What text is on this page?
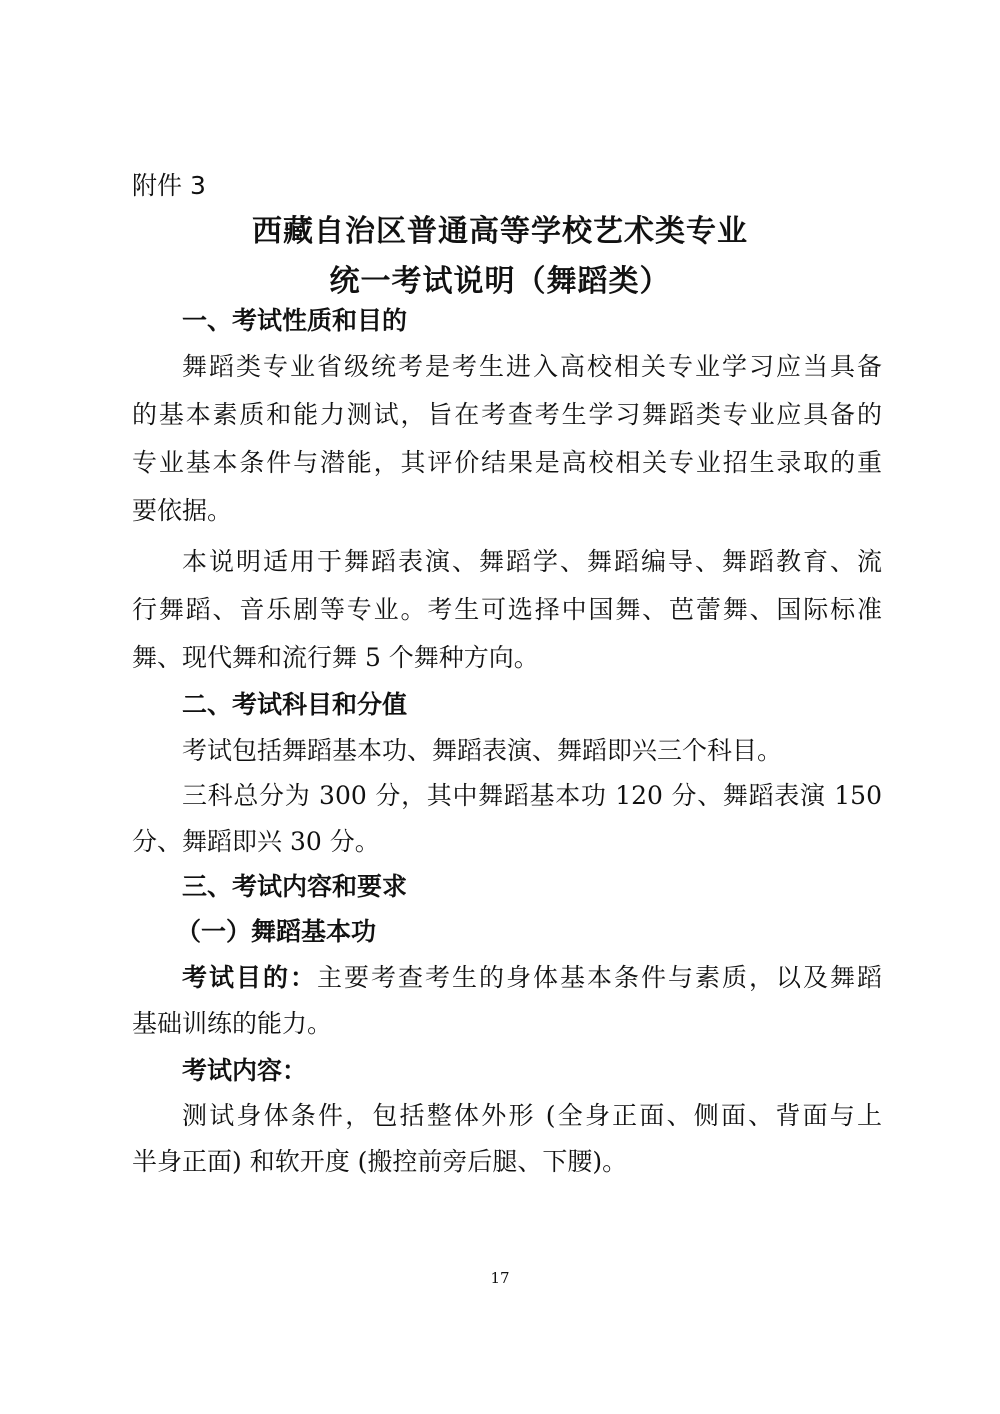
附件 3
西藏自治区普通高等学校艺术类专业
统一考试说明（舞蹈类）
一、考试性质和目的
舞蹈类专业省级统考是考生进入高校相关专业学习应当具备
的基本素质和能力测试，旨在考查考生学习舞蹈类专业应具备的
专业基本条件与潜能，其评价结果是高校相关专业招生录取的重
要依据。
本说明适用于舞蹈表演、舞蹈学、舞蹈编导、舞蹈教育、流
行舞蹈、音乐剧等专业。考生可选择中国舞、芭蕾舞、国际标准
舞、现代舞和流行舞 5 个舞种方向。
二、考试科目和分值
考试包括舞蹈基本功、舞蹈表演、舞蹈即兴三个科目。
三科总分为 300 分，其中舞蹈基本功 120 分、舞蹈表演 150
分、舞蹈即兴 30 分。
三、考试内容和要求
（一）舞蹈基本功
考试目的：主要考查考生的身体基本条件与素质，以及舞蹈
基础训练的能力。
考试内容：
测试身体条件，包括整体外形 (全身正面、侧面、背面与上
半身正面) 和软开度 (搬控前旁后腿、下腰)。
17
